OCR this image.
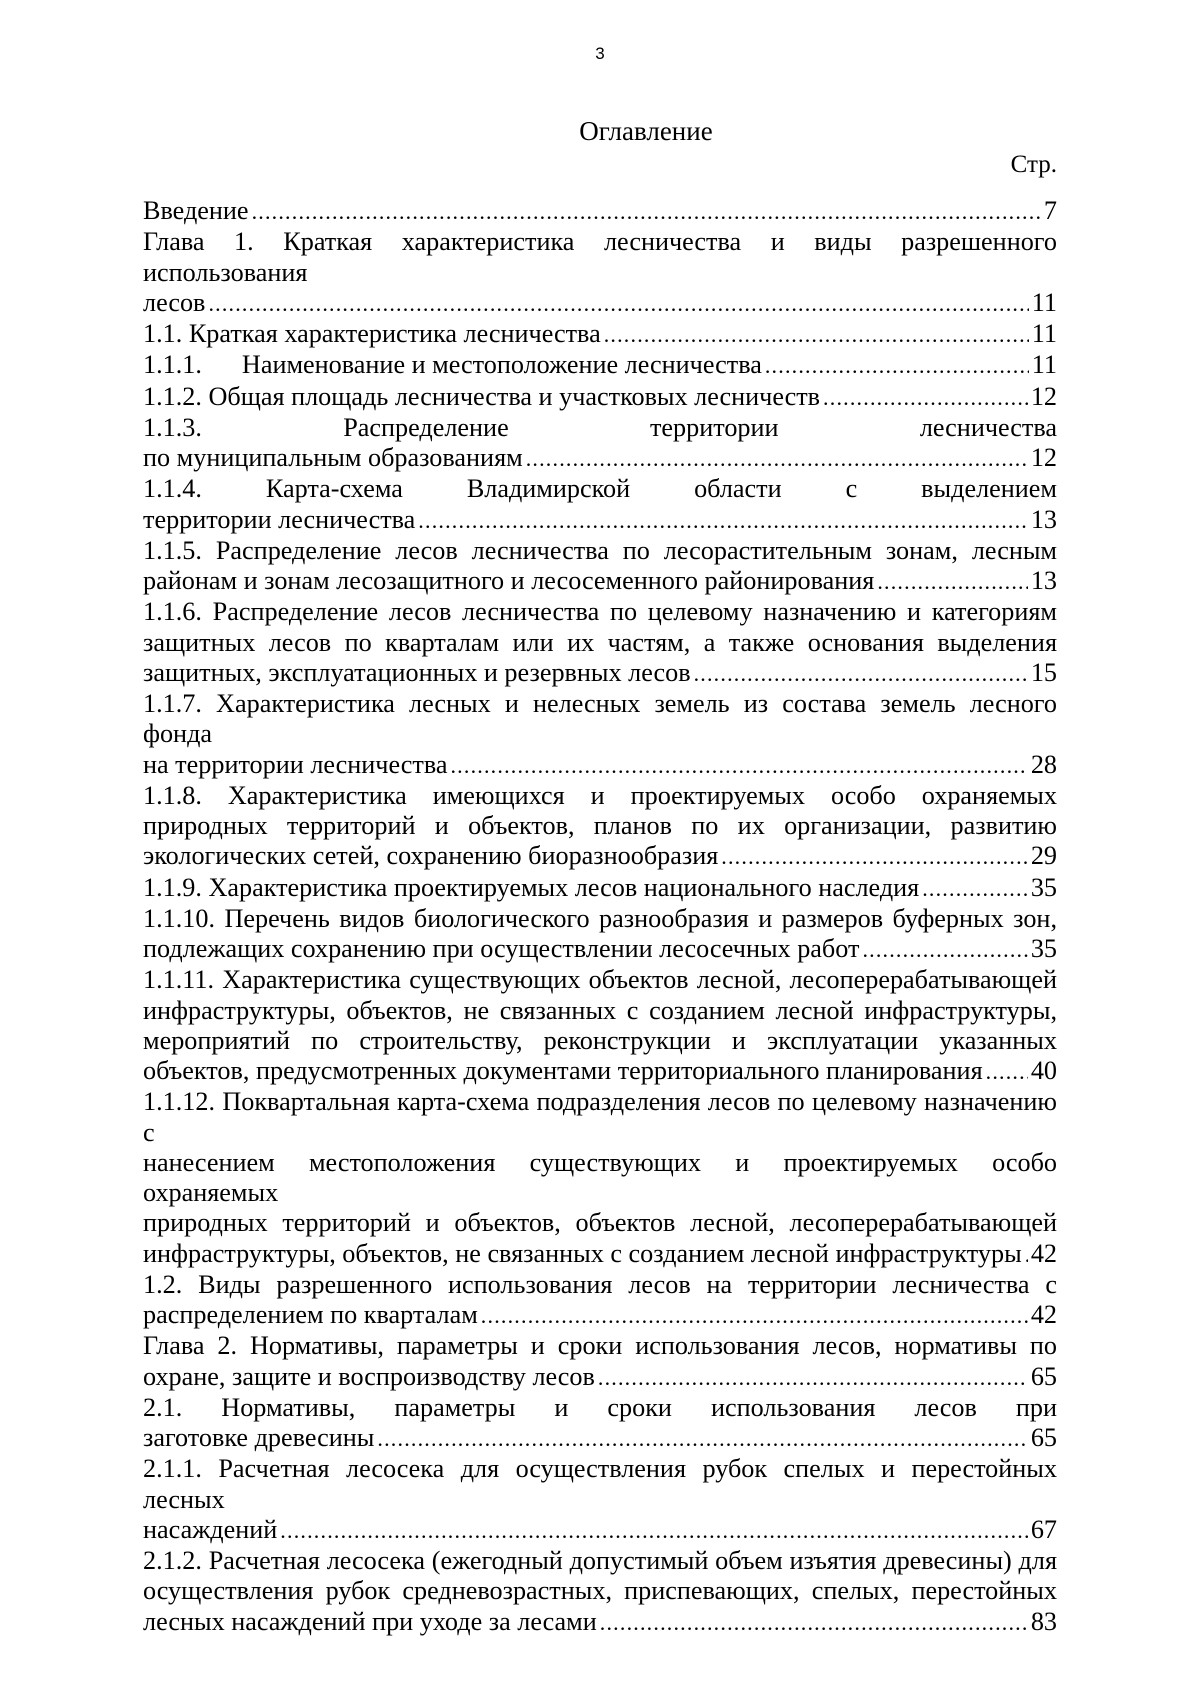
3
Оглавление
Стр.
Введение .....	7
Глава 1. Краткая характеристика лесничества и виды разрешенного использования
лесов .....	11
1.1. Краткая характеристика лесничества .....	11
1.1.1. Наименование и местоположение лесничества .....	11
1.1.2. Общая площадь лесничества и участковых лесничеств .....	12
1.1.3. Распределение территории лесничества
по муниципальным образованиям .....	12
1.1.4. Карта-схема Владимирской области с выделением
территории лесничества .....	13
1.1.5. Распределение лесов лесничества по лесорастительным зонам, лесным
районам и зонам лесозащитного и лесосеменного районирования .....	13
1.1.6. Распределение лесов лесничества по целевому назначению и категориям
защитных лесов по кварталам или их частям, а также основания выделения
защитных, эксплуатационных и резервных лесов .....	15
1.1.7. Характеристика лесных и нелесных земель из состава земель лесного фонда
на территории лесничества .....	28
1.1.8. Характеристика имеющихся и проектируемых особо охраняемых
природных территорий и объектов, планов по их организации, развитию
экологических сетей, сохранению биоразнообразия .....	29
1.1.9. Характеристика проектируемых лесов национального наследия .....	35
1.1.10. Перечень видов биологического разнообразия и размеров буферных зон,
подлежащих сохранению при осуществлении лесосечных работ .....	35
1.1.11. Характеристика существующих объектов лесной, лесоперерабатывающей
инфраструктуры, объектов, не связанных с созданием лесной инфраструктуры,
мероприятий по строительству, реконструкции и эксплуатации указанных
объектов, предусмотренных документами территориального планирования ..... 40
1.1.12. Поквартальная карта-схема подразделения лесов по целевому назначению с
нанесением местоположения существующих и проектируемых особо охраняемых
природных территорий и объектов, объектов лесной, лесоперерабатывающей
инфраструктуры, объектов, не связанных с созданием лесной инфраструктуры ..... 42
1.2. Виды разрешенного использования лесов на территории лесничества с
распределением по кварталам .....	42
Глава 2. Нормативы, параметры и сроки использования лесов, нормативы по
охране, защите и воспроизводству лесов .....	65
2.1. Нормативы, параметры и сроки использования лесов при
заготовке древесины .....	65
2.1.1. Расчетная лесосека для осуществления рубок спелых и перестойных лесных
насаждений .....	67
2.1.2. Расчетная лесосека (ежегодный допустимый объем изъятия древесины) для
осуществления рубок средневозрастных, приспевающих, спелых, перестойных
лесных насаждений при уходе за лесами .....	83
